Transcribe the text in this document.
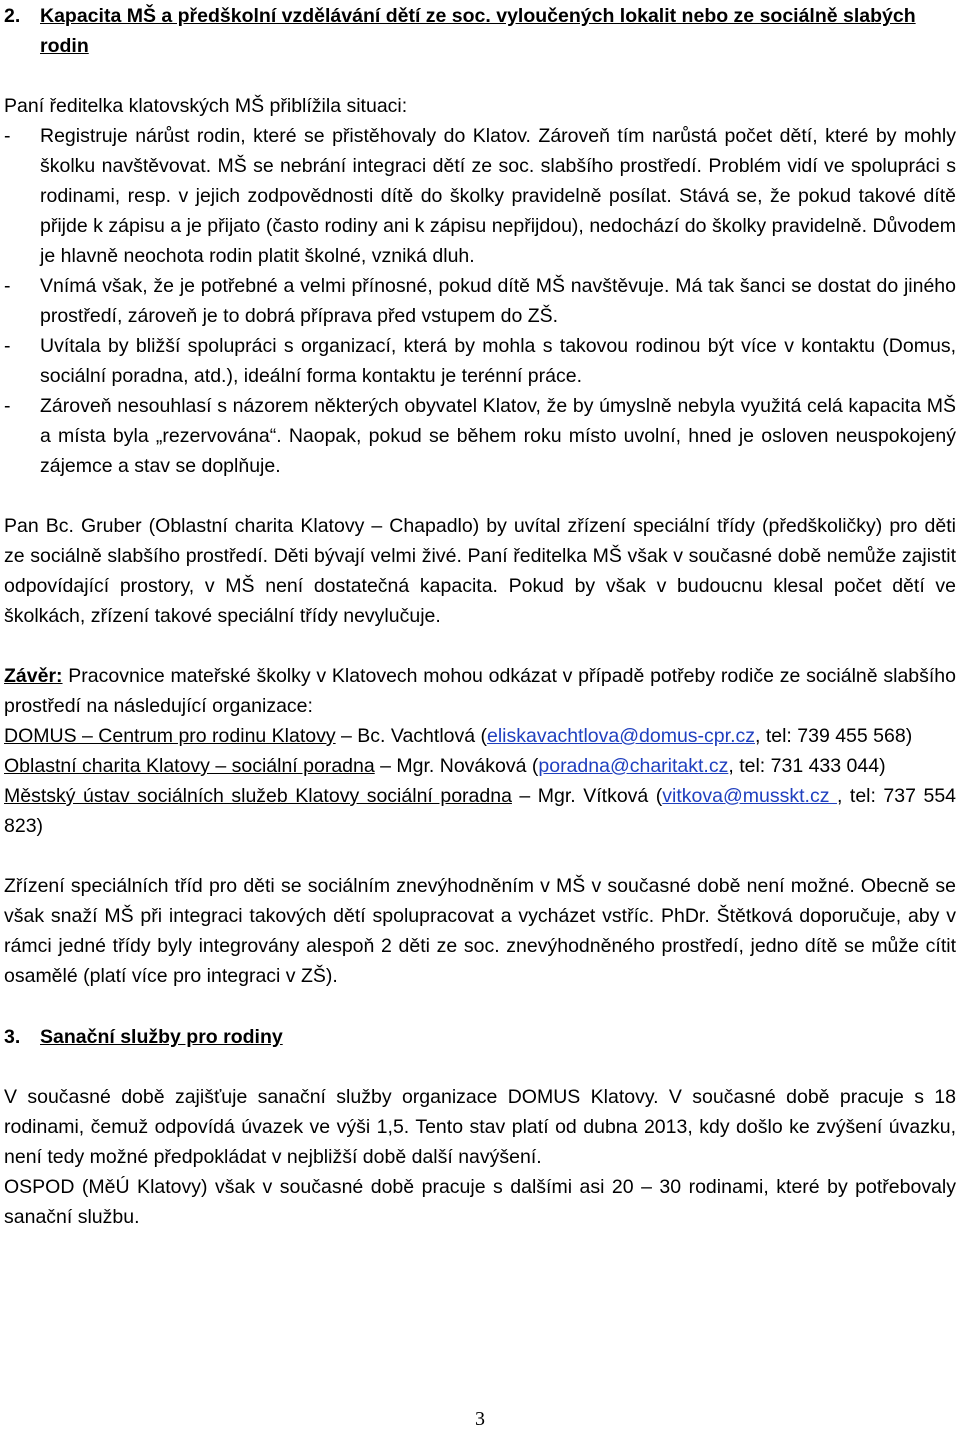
2.	Kapacita MŠ a předškolní vzdělávání dětí ze soc. vyloučených lokalit nebo ze sociálně slabých rodin

Paní ředitelka klatovských MŠ přiblížila situaci:

-	Registruje nárůst rodin, které se přistěhovaly do Klatov. Zároveň tím narůstá počet dětí, které by mohly školku navštěvovat. MŠ se nebrání integraci dětí ze soc. slabšího prostředí. Problém vidí ve spolupráci s rodinami, resp. v jejich zodpovědnosti dítě do školky pravidelně posílat. Stává se, že pokud takové dítě přijde k zápisu a je přijato (často rodiny ani k zápisu nepřijdou), nedochází do školky pravidelně. Důvodem je hlavně neochota rodin platit školné, vzniká dluh.
-	Vnímá však, že je potřebné a velmi přínosné, pokud dítě MŠ navštěvuje. Má tak šanci se dostat do jiného prostředí, zároveň je to dobrá příprava před vstupem do ZŠ.
-	Uvítala by bližší spolupráci s organizací, která by mohla s takovou rodinou být více v kontaktu (Domus, sociální poradna, atd.), ideální forma kontaktu je terénní práce.
-	Zároveň nesouhlasí s názorem některých obyvatel Klatov, že by úmyslně nebyla využitá celá kapacita MŠ a místa byla „rezervována“. Naopak, pokud se během roku místo uvolní, hned je osloven neuspokojený zájemce a stav se doplňuje.

Pan Bc. Gruber (Oblastní charita Klatovy – Chapadlo) by uvítal zřízení speciální třídy (předškoličky) pro děti ze sociálně slabšího prostředí. Děti bývají velmi živé. Paní ředitelka MŠ však v současné době nemůže zajistit odpovídající prostory, v MŠ není dostatečná kapacita. Pokud by však v budoucnu klesal počet dětí ve školkách, zřízení takové speciální třídy nevylučuje.

Závěr: Pracovnice mateřské školky v Klatovech mohou odkázat v případě potřeby rodiče ze sociálně slabšího prostředí na následující organizace:

DOMUS – Centrum pro rodinu Klatovy – Bc. Vachtlová (eliskavachtlova@domus-cpr.cz, tel: 739 455 568)

Oblastní charita Klatovy – sociální poradna – Mgr. Nováková (poradna@charitakt.cz, tel: 731 433 044)

Městský ústav sociálních služeb Klatovy sociální poradna – Mgr. Vítková (vitkova@musskt.cz , tel: 737 554 823)

Zřízení speciálních tříd pro děti se sociálním znevýhodněním v MŠ v současné době není možné. Obecně se však snaží MŠ při integraci takových dětí spolupracovat a vycházet vstříc. PhDr. Štětková doporučuje, aby v rámci jedné třídy byly integrovány alespoň 2 děti ze soc. znevýhodněného prostředí, jedno dítě se může cítit osamělé (platí více pro integraci v ZŠ).

3.	Sanační služby pro rodiny

V současné době zajišťuje sanační služby organizace DOMUS Klatovy. V současné době pracuje s 18 rodinami, čemuž odpovídá úvazek ve výši 1,5. Tento stav platí od dubna 2013, kdy došlo ke zvýšení úvazku, není tedy možné předpokládat v nejbližší době další navýšení.

OSPOD (MěÚ Klatovy) však v současné době pracuje s dalšími asi 20 – 30 rodinami, které by potřebovaly sanační službu.

3
